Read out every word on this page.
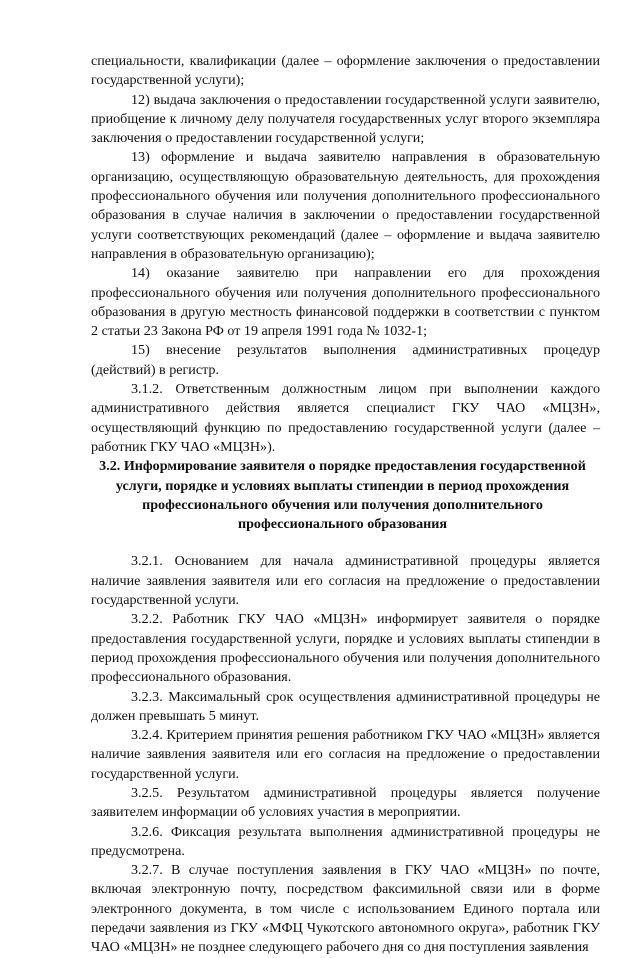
специальности, квалификации (далее – оформление заключения о предоставлении государственной услуги);

12) выдача заключения о предоставлении государственной услуги заявителю, приобщение к личному делу получателя государственных услуг второго экземпляра заключения о предоставлении государственной услуги;

13) оформление и выдача заявителю направления в образовательную организацию, осуществляющую образовательную деятельность, для прохождения профессионального обучения или получения дополнительного профессионального образования в случае наличия в заключении о предоставлении государственной услуги соответствующих рекомендаций (далее – оформление и выдача заявителю направления в образовательную организацию);

14) оказание заявителю при направлении его для прохождения профессионального обучения или получения дополнительного профессионального образования в другую местность финансовой поддержки в соответствии с пунктом 2 статьи 23 Закона РФ от 19 апреля 1991 года № 1032-1;

15) внесение результатов выполнения административных процедур (действий) в регистр.

3.1.2. Ответственным должностным лицом при выполнении каждого административного действия является специалист ГКУ ЧАО «МЦЗН», осуществляющий функцию по предоставлению государственной услуги (далее – работник ГКУ ЧАО «МЦЗН»).

3.2. Информирование заявителя о порядке предоставления государственной услуги, порядке и условиях выплаты стипендии в период прохождения профессионального обучения или получения дополнительного профессионального образования

3.2.1. Основанием для начала административной процедуры является наличие заявления заявителя или его согласия на предложение о предоставлении государственной услуги.

3.2.2. Работник ГКУ ЧАО «МЦЗН» информирует заявителя о порядке предоставления государственной услуги, порядке и условиях выплаты стипендии в период прохождения профессионального обучения или получения дополнительного профессионального образования.

3.2.3. Максимальный срок осуществления административной процедуры не должен превышать 5 минут.

3.2.4. Критерием принятия решения работником ГКУ ЧАО «МЦЗН» является наличие заявления заявителя или его согласия на предложение о предоставлении государственной услуги.

3.2.5. Результатом административной процедуры является получение заявителем информации об условиях участия в мероприятии.

3.2.6. Фиксация результата выполнения административной процедуры не предусмотрена.

3.2.7. В случае поступления заявления в ГКУ ЧАО «МЦЗН» по почте, включая электронную почту, посредством факсимильной связи или в форме электронного документа, в том числе с использованием Единого портала или передачи заявления из ГКУ «МФЦ Чукотского автономного округа», работник ГКУ ЧАО «МЦЗН» не позднее следующего рабочего дня со дня поступления заявления
